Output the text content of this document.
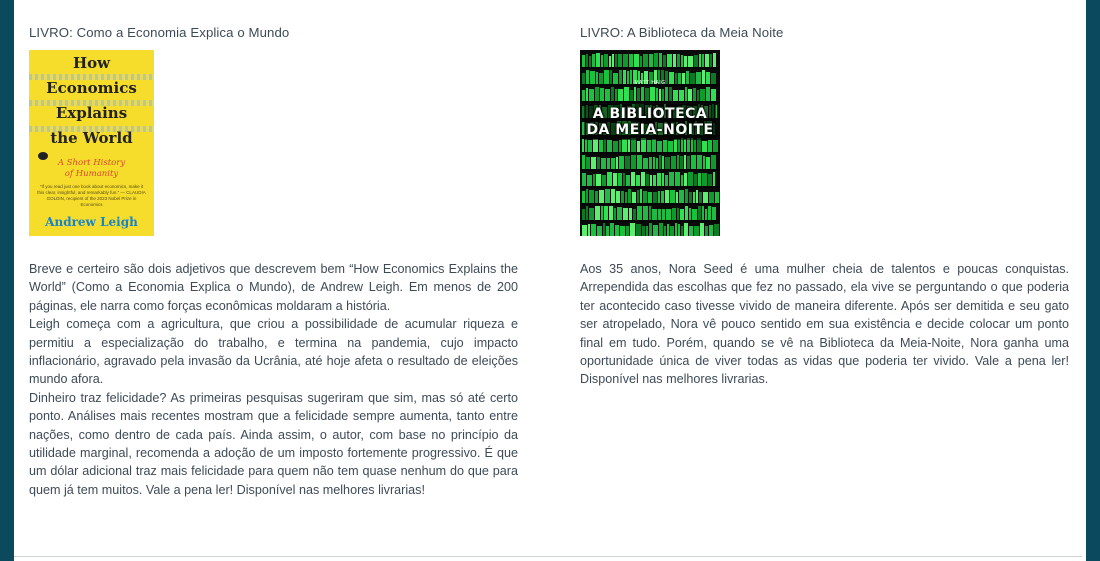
LIVRO: Como a Economia Explica o Mundo
How
Economics
Explains
the World
A Short History
of Humanity
"If you read just one book about economics, make it this clear, insightful, and remarkably fun." — CLAUDIA GOLDIN, recipient of the 2023 Nobel Prize in Economics
Andrew Leigh

Breve e certeiro são dois adjetivos que descrevem bem “How Economics Explains the World” (Como a Economia Explica o Mundo), de Andrew Leigh. Em menos de 200 páginas, ele narra como forças econômicas moldaram a história.

Leigh começa com a agricultura, que criou a possibilidade de acumular riqueza e permitiu a especialização do trabalho, e termina na pandemia, cujo impacto inflacionário, agravado pela invasão da Ucrânia, até hoje afeta o resultado de eleições mundo afora.

Dinheiro traz felicidade? As primeiras pesquisas sugeriram que sim, mas só até certo ponto. Análises mais recentes mostram que a felicidade sempre aumenta, tanto entre nações, como dentro de cada país. Ainda assim, o autor, com base no princípio da utilidade marginal, recomenda a adoção de um imposto fortemente progressivo. É que um dólar adicional traz mais felicidade para quem não tem quase nenhum do que para quem já tem muitos. Vale a pena ler! Disponível nas melhores livrarias!

LIVRO: A Biblioteca da Meia Noite
MATT HAIG
A BIBLIOTECA
DA MEIA-NOITE

Aos 35 anos, Nora Seed é uma mulher cheia de talentos e poucas conquistas. Arrependida das escolhas que fez no passado, ela vive se perguntando o que poderia ter acontecido caso tivesse vivido de maneira diferente. Após ser demitida e seu gato ser atropelado, Nora vê pouco sentido em sua existência e decide colocar um ponto final em tudo. Porém, quando se vê na Biblioteca da Meia-Noite, Nora ganha uma oportunidade única de viver todas as vidas que poderia ter vivido. Vale a pena ler! Disponível nas melhores livrarias.
